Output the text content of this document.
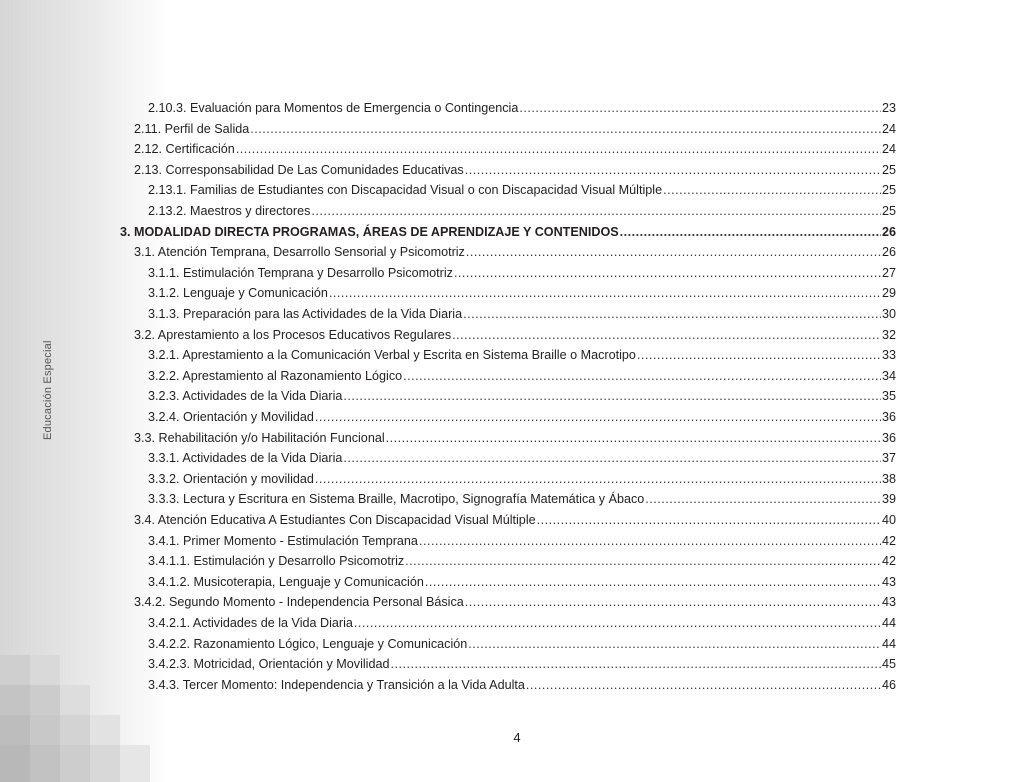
Educación Especial
2.10.3. Evaluación para Momentos de Emergencia o Contingencia .....	23
2.11. Perfil de Salida .....	24
2.12. Certificación .....	24
2.13. Corresponsabilidad De Las Comunidades Educativas .....	25
2.13.1. Familias de Estudiantes con Discapacidad Visual o con Discapacidad Visual Múltiple .....	25
2.13.2. Maestros y directores .....	25
3. MODALIDAD DIRECTA PROGRAMAS, ÁREAS DE APRENDIZAJE Y CONTENIDOS .....	26
3.1. Atención Temprana, Desarrollo Sensorial y Psicomotriz .....	26
3.1.1. Estimulación Temprana y Desarrollo Psicomotriz .....	27
3.1.2. Lenguaje y Comunicación .....	29
3.1.3. Preparación para las Actividades de la Vida Diaria .....	30
3.2. Aprestamiento a los Procesos Educativos Regulares .....	32
3.2.1. Aprestamiento a la Comunicación Verbal y Escrita en Sistema Braille o Macrotipo .....	33
3.2.2. Aprestamiento al Razonamiento Lógico .....	34
3.2.3. Actividades de la Vida Diaria .....	35
3.2.4. Orientación y Movilidad .....	36
3.3. Rehabilitación y/o Habilitación Funcional .....	36
3.3.1. Actividades de la Vida Diaria .....	37
3.3.2. Orientación y movilidad .....	38
3.3.3. Lectura y Escritura en Sistema Braille, Macrotipo, Signografía Matemática y Ábaco .....	39
3.4. Atención Educativa A Estudiantes Con Discapacidad Visual Múltiple .....	40
3.4.1. Primer Momento - Estimulación Temprana .....	42
3.4.1.1. Estimulación y Desarrollo Psicomotriz .....	42
3.4.1.2. Musicoterapia, Lenguaje y Comunicación .....	43
3.4.2. Segundo Momento - Independencia Personal Básica .....	43
3.4.2.1. Actividades de la Vida Diaria .....	44
3.4.2.2. Razonamiento Lógico, Lenguaje y Comunicación .....	44
3.4.2.3. Motricidad, Orientación y Movilidad .....	45
3.4.3. Tercer Momento: Independencia y Transición a la Vida Adulta .....	46
4
